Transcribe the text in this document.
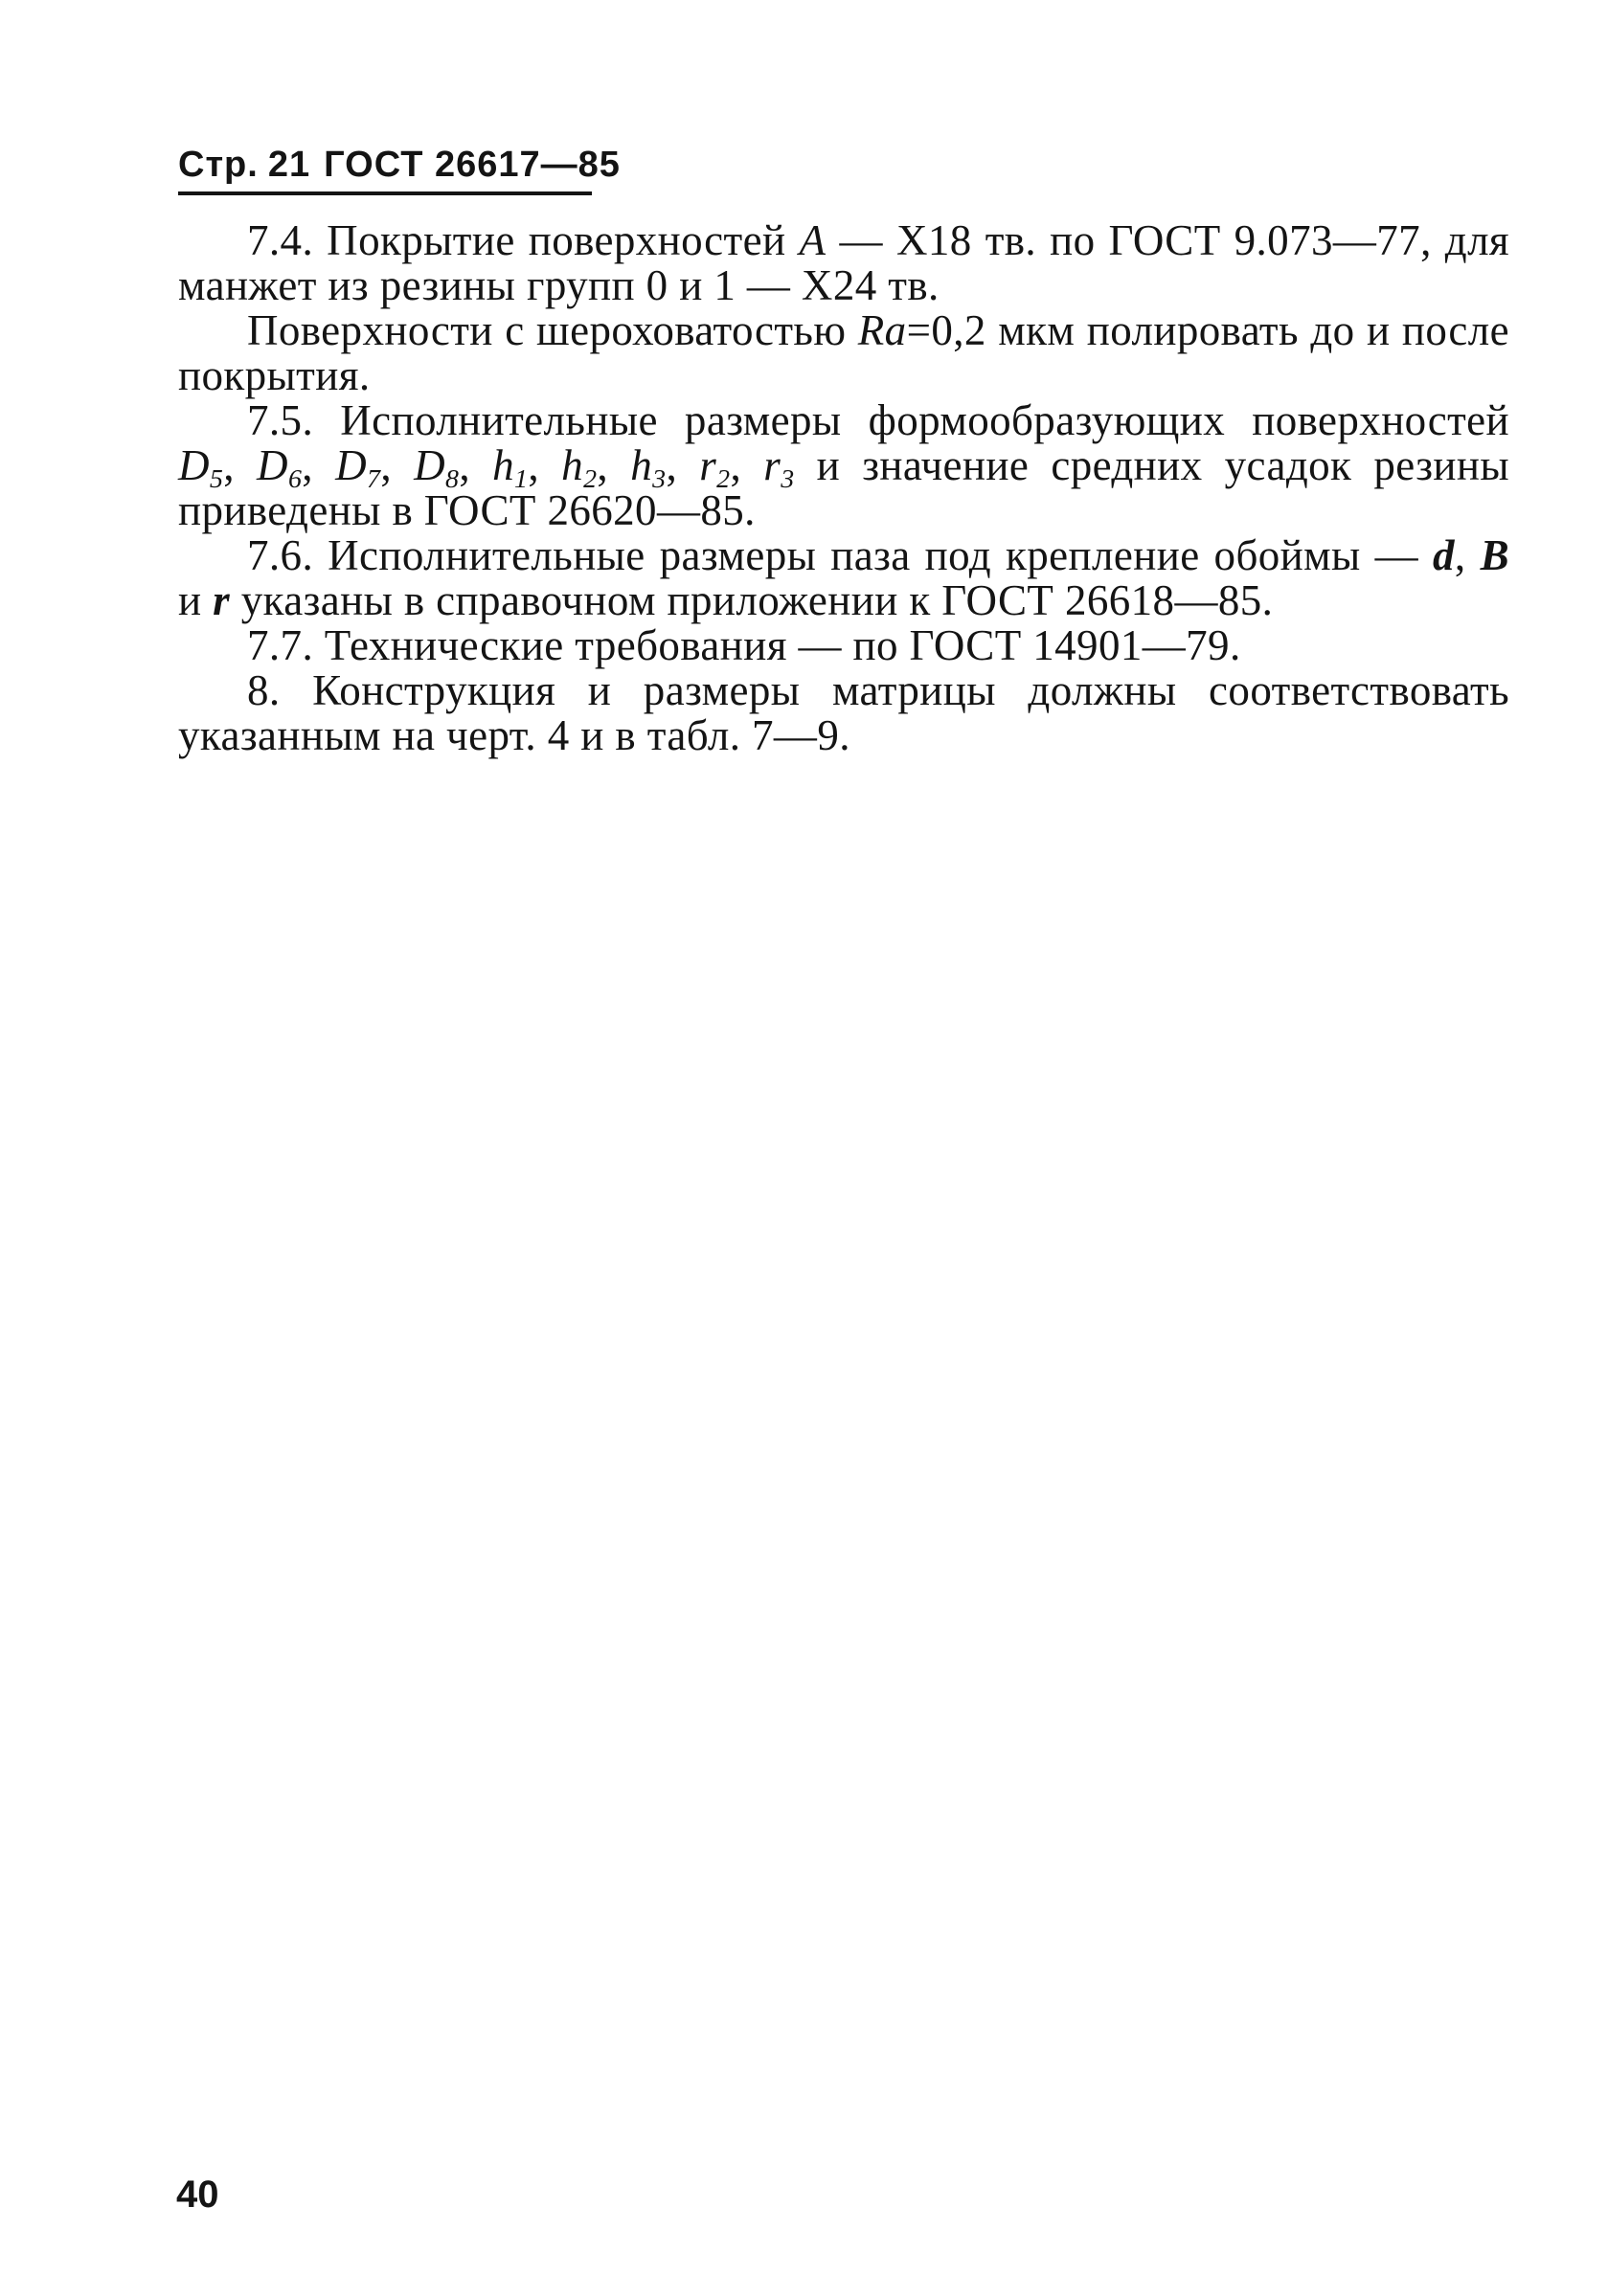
Стр. 21 ГОСТ 26617—85

7.4. Покрытие поверхностей A — Х18 тв. по ГОСТ 9.073—77, для манжет из резины групп 0 и 1 — Х24 тв.

Поверхности с шероховатостью Ra=0,2 мкм полировать до и после покрытия.

7.5. Исполнительные размеры формообразующих поверхностей $D_5$, $D_6$, $D_7$, $D_8$, $h_1$, $h_2$, $h_3$, $r_2$, $r_3$ и значение средних усадок резины приведены в ГОСТ 26620—85.

7.6. Исполнительные размеры паза под крепление обоймы — d, B и r указаны в справочном приложении к ГОСТ 26618—85.

7.7. Технические требования — по ГОСТ 14901—79.

8. Конструкция и размеры матрицы должны соответствовать указанным на черт. 4 и в табл. 7—9.

40
